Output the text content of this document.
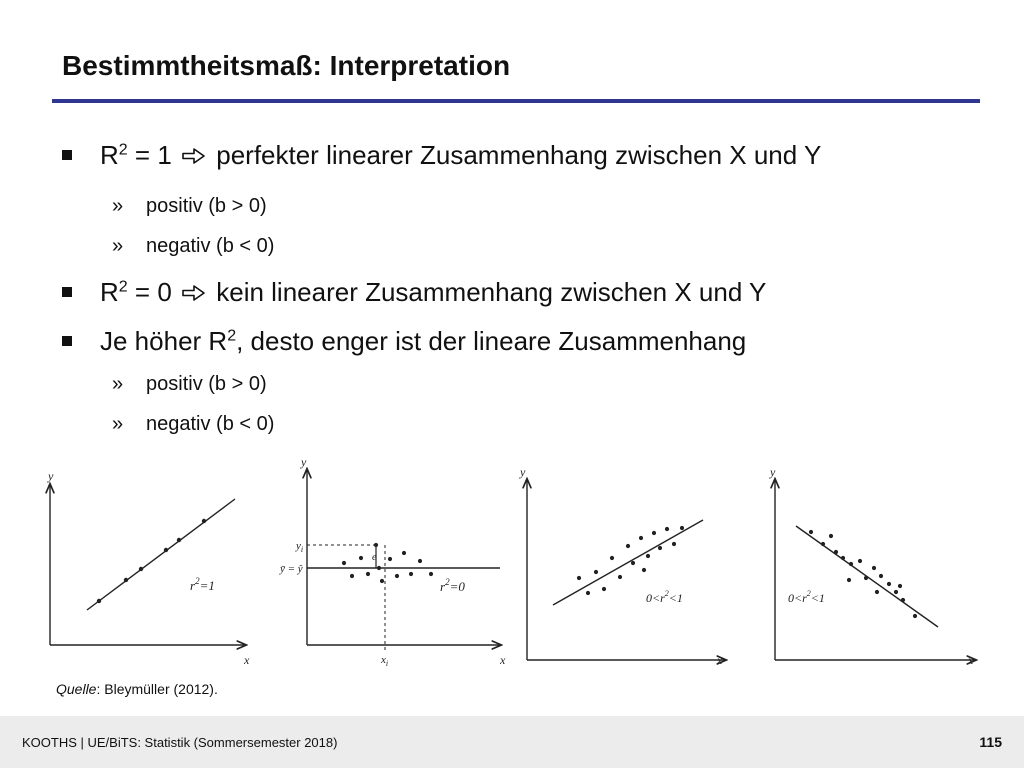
Bestimmtheitsmaß: Interpretation
$R^2 = 1$  perfekter linearer Zusammenhang zwischen X und Y
» positiv (b > 0)
» negativ (b < 0)
$R^2 = 0$  kein linearer Zusammenhang zwischen X und Y
Je höher $R^2$, desto enger ist der lineare Zusammenhang
» positiv (b > 0)
» negativ (b < 0)
y
x
$r^2=1$
y
x
$y_i$
ȳ = ŷ
e
$x_i$
$r^2=0$
y
x
$0<r^2<1$
y
x
$0<r^2<1$
Quelle: Bleymüller (2012).
KOOTHS | UE/BiTS: Statistik (Sommersemester 2018)	115
